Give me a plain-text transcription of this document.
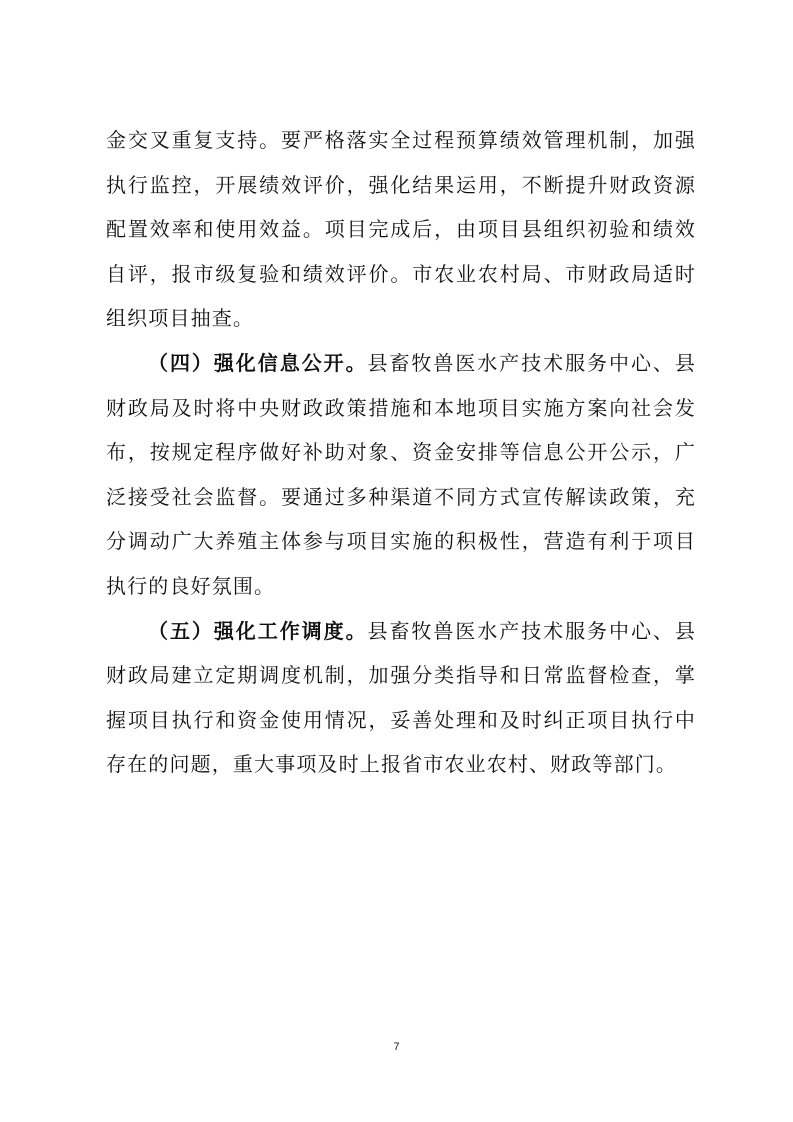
金交叉重复支持。要严格落实全过程预算绩效管理机制，加强执行监控，开展绩效评价，强化结果运用，不断提升财政资源配置效率和使用效益。项目完成后，由项目县组织初验和绩效自评，报市级复验和绩效评价。市农业农村局、市财政局适时组织项目抽查。

（四）强化信息公开。县畜牧兽医水产技术服务中心、县财政局及时将中央财政政策措施和本地项目实施方案向社会发布，按规定程序做好补助对象、资金安排等信息公开公示，广泛接受社会监督。要通过多种渠道不同方式宣传解读政策，充分调动广大养殖主体参与项目实施的积极性，营造有利于项目执行的良好氛围。

（五）强化工作调度。县畜牧兽医水产技术服务中心、县财政局建立定期调度机制，加强分类指导和日常监督检查，掌握项目执行和资金使用情况，妥善处理和及时纠正项目执行中存在的问题，重大事项及时上报省市农业农村、财政等部门。

7
